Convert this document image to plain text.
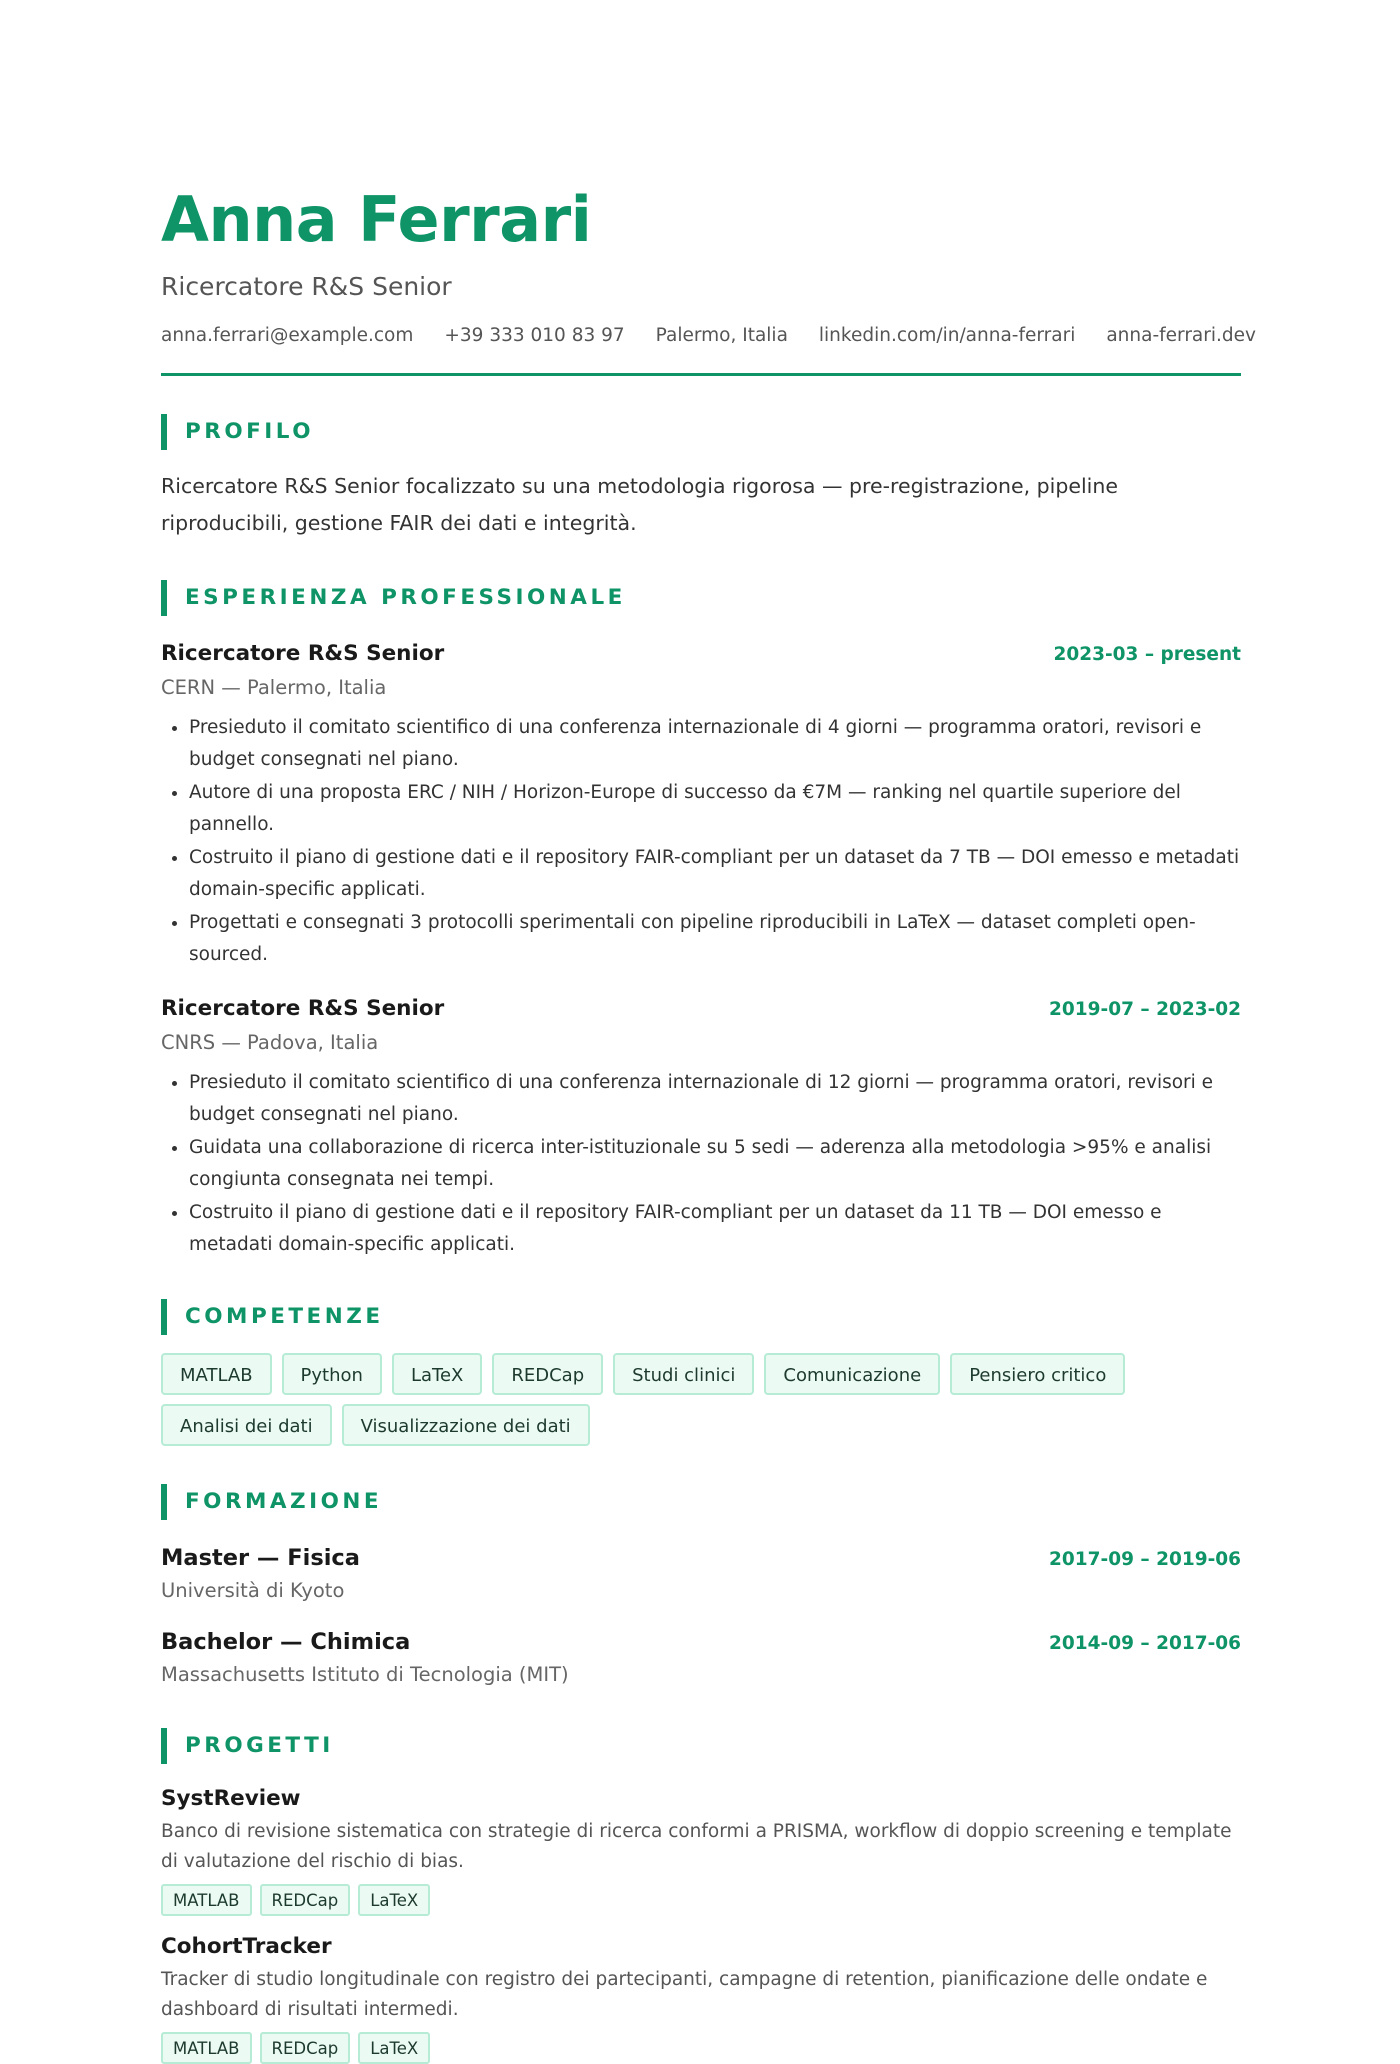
Anna Ferrari
Ricercatore R&S Senior
anna.ferrari@example.com +39 333 010 83 97 Palermo, Italia linkedin.com/in/anna-ferrari anna-ferrari.dev
PROFILO
Ricercatore R&S Senior focalizzato su una metodologia rigorosa — pre-registrazione, pipeline riproducibili, gestione FAIR dei dati e integrità.
ESPERIENZA PROFESSIONALE
Ricercatore R&S Senior	2023-03 – present
CERN — Palermo, Italia
• Presieduto il comitato scientifico di una conferenza internazionale di 4 giorni — programma oratori, revisori e budget consegnati nel piano.
• Autore di una proposta ERC / NIH / Horizon-Europe di successo da €7M — ranking nel quartile superiore del pannello.
• Costruito il piano di gestione dati e il repository FAIR-compliant per un dataset da 7 TB — DOI emesso e metadati domain-specific applicati.
• Progettati e consegnati 3 protocolli sperimentali con pipeline riproducibili in LaTeX — dataset completi open-sourced.
Ricercatore R&S Senior	2019-07 – 2023-02
CNRS — Padova, Italia
• Presieduto il comitato scientifico di una conferenza internazionale di 12 giorni — programma oratori, revisori e budget consegnati nel piano.
• Guidata una collaborazione di ricerca inter-istituzionale su 5 sedi — aderenza alla metodologia >95% e analisi congiunta consegnata nei tempi.
• Costruito il piano di gestione dati e il repository FAIR-compliant per un dataset da 11 TB — DOI emesso e metadati domain-specific applicati.
COMPETENZE
MATLAB	Python	LaTeX	REDCap	Studi clinici	Comunicazione	Pensiero critico
Analisi dei dati	Visualizzazione dei dati
FORMAZIONE
Master — Fisica	2017-09 – 2019-06
Università di Kyoto
Bachelor — Chimica	2014-09 – 2017-06
Massachusetts Istituto di Tecnologia (MIT)
PROGETTI
SystReview
Banco di revisione sistematica con strategie di ricerca conformi a PRISMA, workflow di doppio screening e template di valutazione del rischio di bias.
MATLAB	REDCap	LaTeX
CohortTracker
Tracker di studio longitudinale con registro dei partecipanti, campagne di retention, pianificazione delle ondate e dashboard di risultati intermedi.
MATLAB	REDCap	LaTeX
